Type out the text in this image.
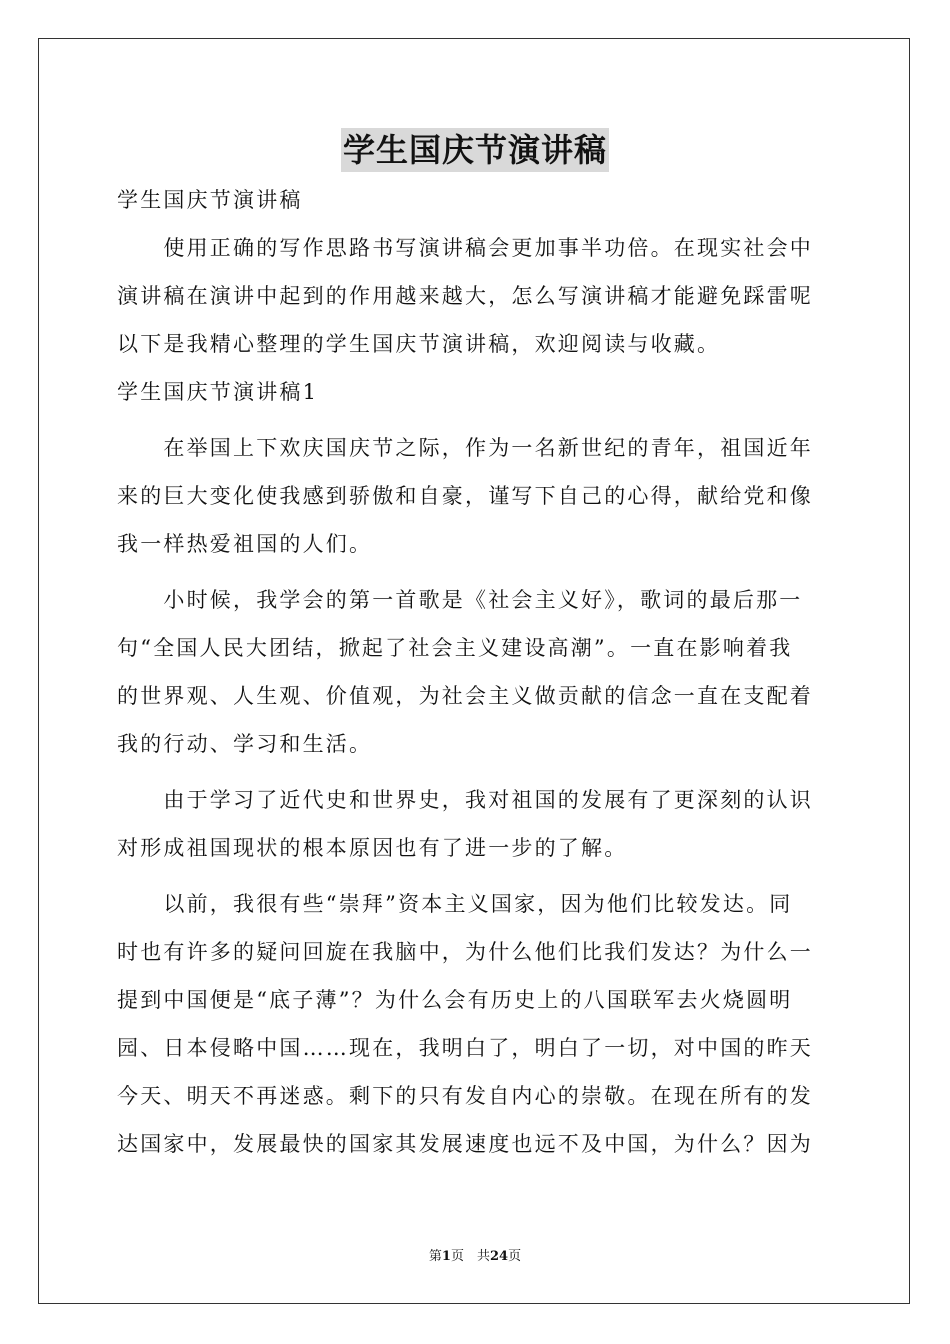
学生国庆节演讲稿
学生国庆节演讲稿
　　使用正确的写作思路书写演讲稿会更加事半功倍。在现实社会中
演讲稿在演讲中起到的作用越来越大，怎么写演讲稿才能避免踩雷呢
以下是我精心整理的学生国庆节演讲稿，欢迎阅读与收藏。
学生国庆节演讲稿1
　　在举国上下欢庆国庆节之际，作为一名新世纪的青年，祖国近年
来的巨大变化使我感到骄傲和自豪，谨写下自己的心得，献给党和像
我一样热爱祖国的人们。
　　小时候，我学会的第一首歌是《社会主义好》，歌词的最后那一
句“全国人民大团结，掀起了社会主义建设高潮”。一直在影响着我
的世界观、人生观、价值观，为社会主义做贡献的信念一直在支配着
我的行动、学习和生活。
　　由于学习了近代史和世界史，我对祖国的发展有了更深刻的认识
对形成祖国现状的根本原因也有了进一步的了解。
　　以前，我很有些“崇拜”资本主义国家，因为他们比较发达。同
时也有许多的疑问回旋在我脑中，为什么他们比我们发达？为什么一
提到中国便是“底子薄”？为什么会有历史上的八国联军去火烧圆明
园、日本侵略中国……现在，我明白了，明白了一切，对中国的昨天
今天、明天不再迷惑。剩下的只有发自内心的崇敬。在现在所有的发
达国家中，发展最快的国家其发展速度也远不及中国，为什么？因为
第1页　共24页
